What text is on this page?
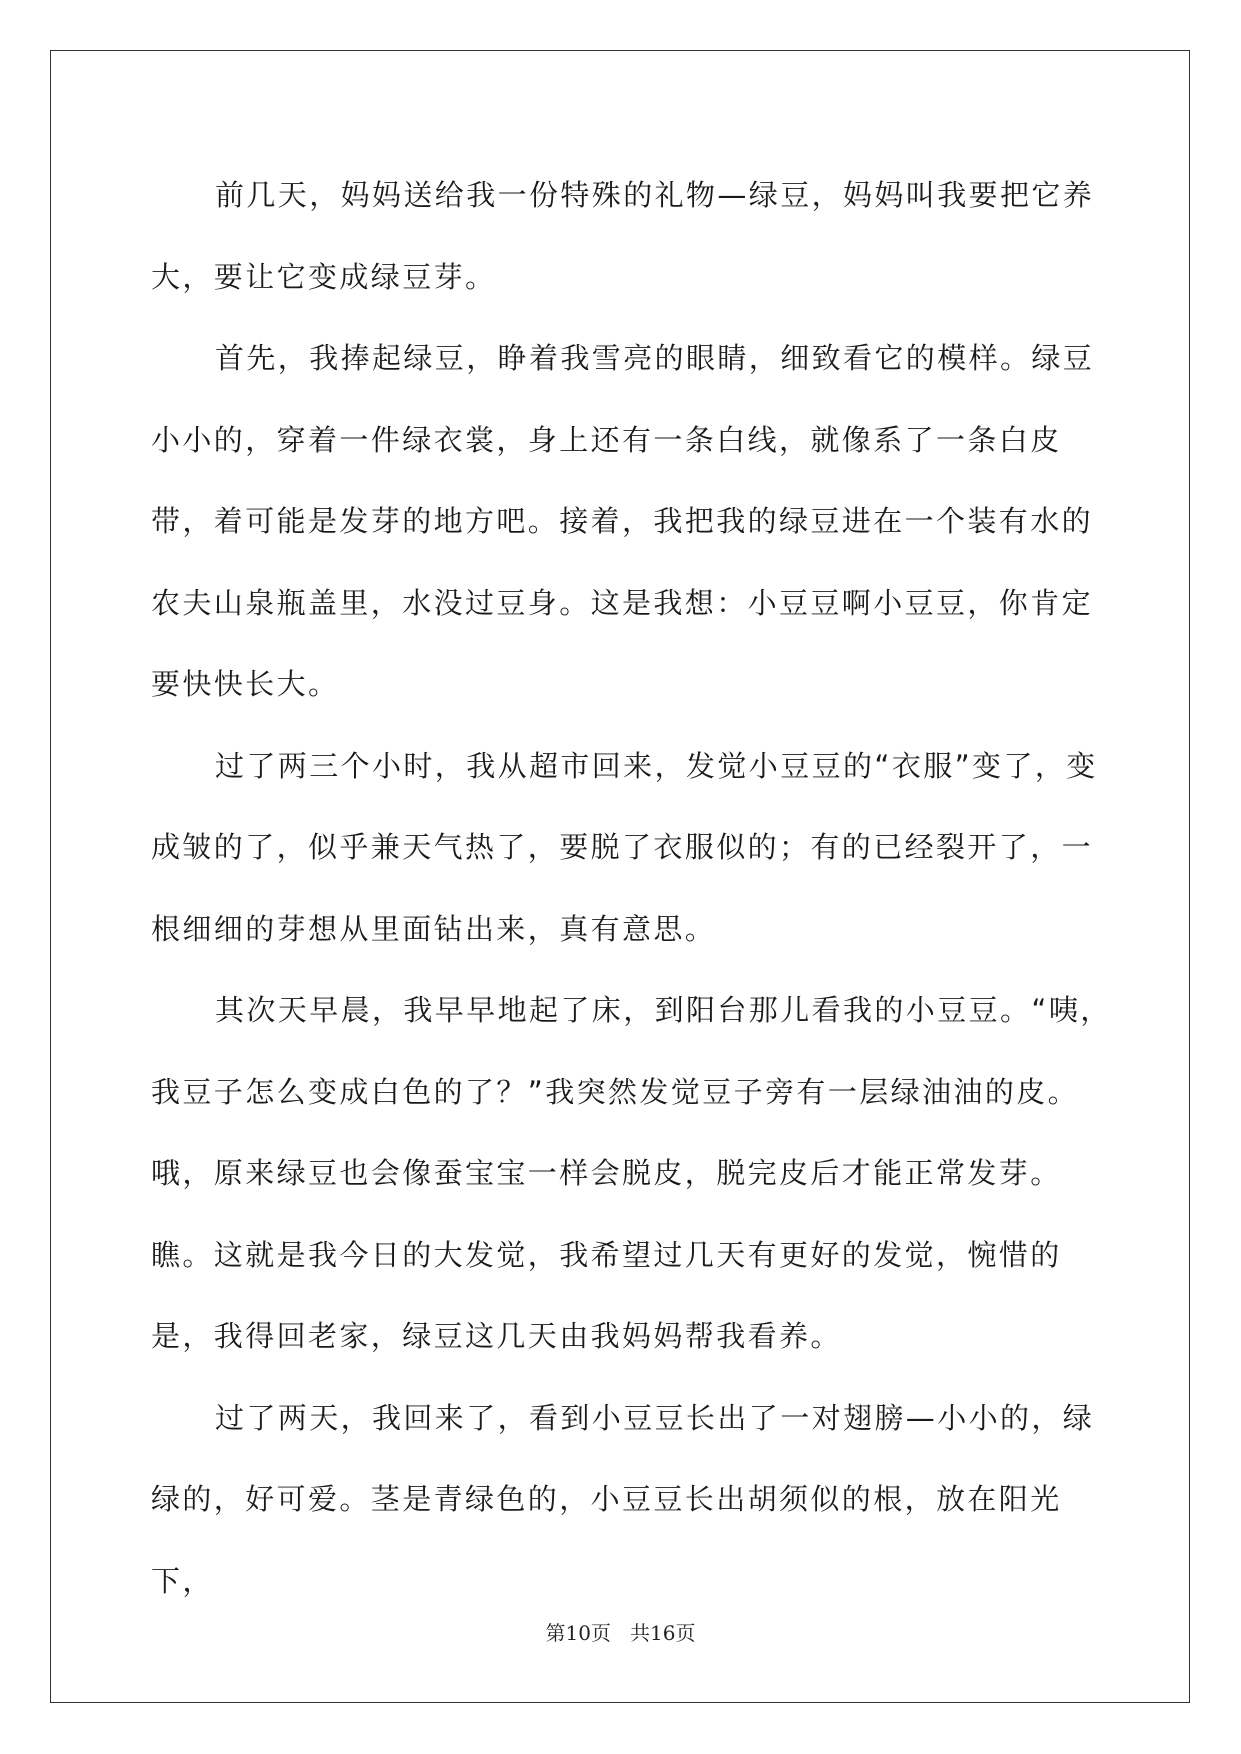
前几天，妈妈送给我一份特殊的礼物—绿豆，妈妈叫我要把它养大，要让它变成绿豆芽。

首先，我捧起绿豆，睁着我雪亮的眼睛，细致看它的模样。绿豆小小的，穿着一件绿衣裳，身上还有一条白线，就像系了一条白皮带，着可能是发芽的地方吧。接着，我把我的绿豆进在一个装有水的农夫山泉瓶盖里，水没过豆身。这是我想：小豆豆啊小豆豆，你肯定要快快长大。

过了两三个小时，我从超市回来，发觉小豆豆的“衣服”变了，变成皱的了，似乎兼天气热了，要脱了衣服似的；有的已经裂开了，一根细细的芽想从里面钻出来，真有意思。

其次天早晨，我早早地起了床，到阳台那儿看我的小豆豆。“咦，我豆子怎么变成白色的了？”我突然发觉豆子旁有一层绿油油的皮。哦，原来绿豆也会像蚕宝宝一样会脱皮，脱完皮后才能正常发芽。瞧。这就是我今日的大发觉，我希望过几天有更好的发觉，惋惜的是，我得回老家，绿豆这几天由我妈妈帮我看养。

过了两天，我回来了，看到小豆豆长出了一对翅膀—小小的，绿绿的，好可爱。茎是青绿色的，小豆豆长出胡须似的根，放在阳光下，

第10页 共16页
